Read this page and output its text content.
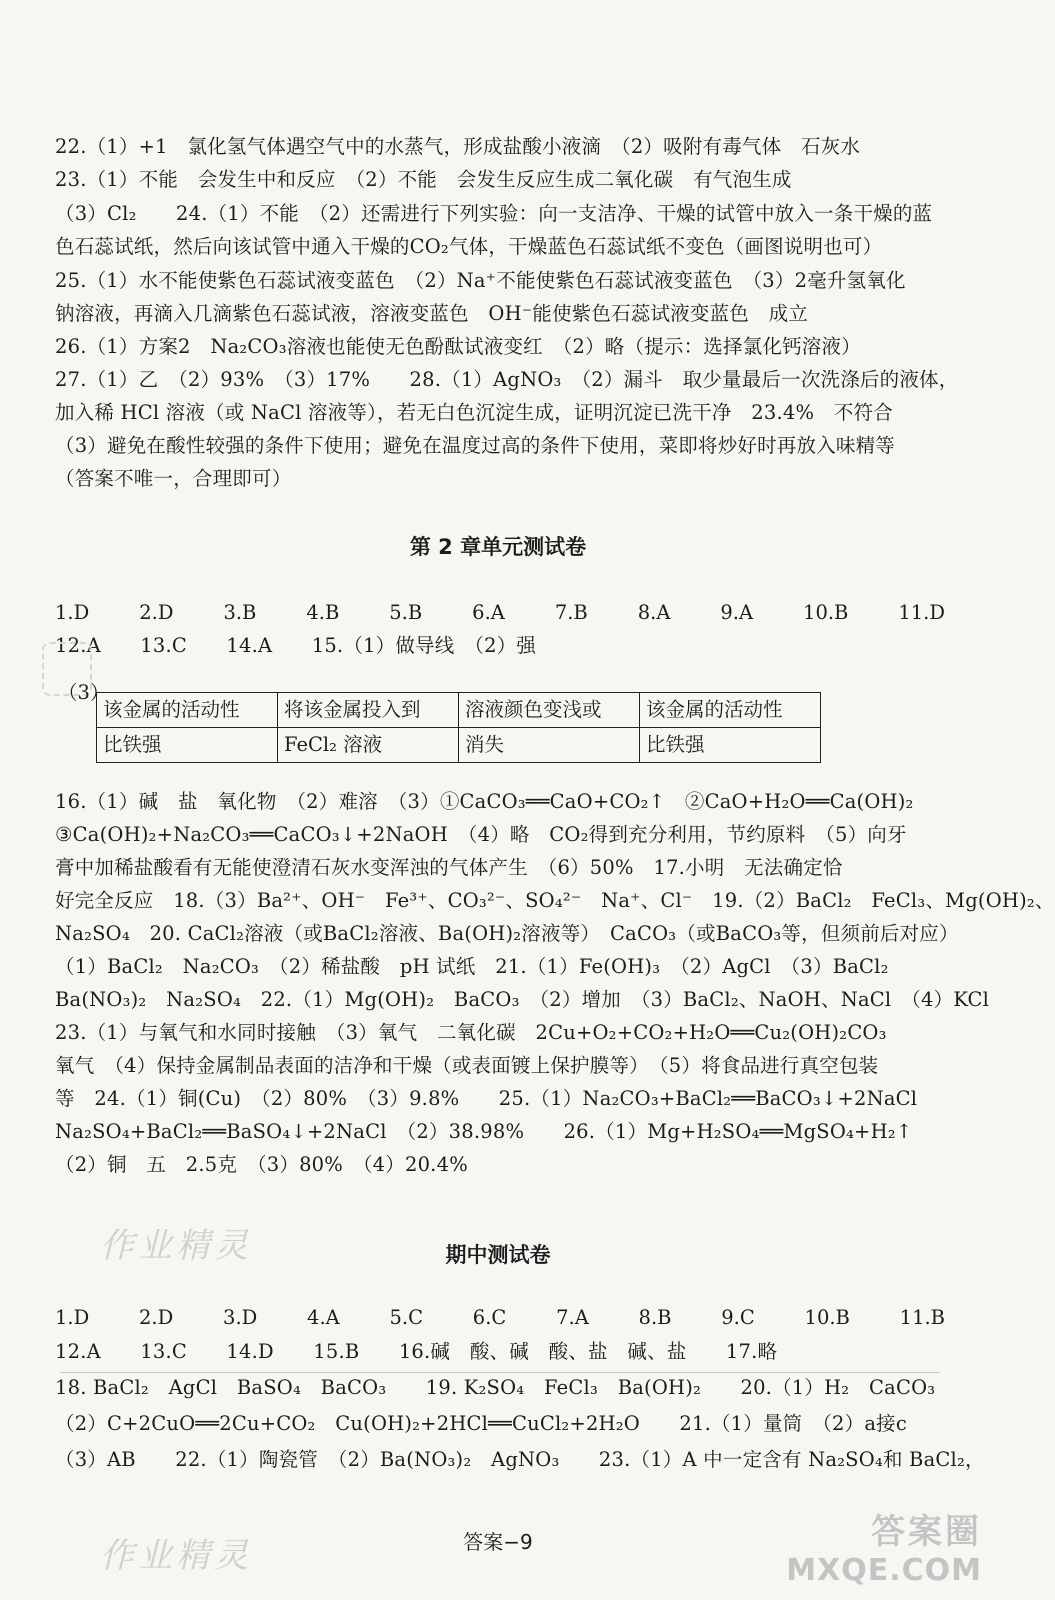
22.（1）+1　氯化氢气体遇空气中的水蒸气，形成盐酸小液滴　（2）吸附有毒气体　石灰水
23.（1）不能　会发生中和反应　（2）不能　会发生反应生成二氧化碳　有气泡生成
（3）Cl₂　　24.（1）不能　（2）还需进行下列实验：向一支洁净、干燥的试管中放入一条干燥的蓝
色石蕊试纸，然后向该试管中通入干燥的CO₂气体，干燥蓝色石蕊试纸不变色（画图说明也可）
25.（1）水不能使紫色石蕊试液变蓝色　（2）Na⁺不能使紫色石蕊试液变蓝色　（3）2毫升氢氧化
钠溶液，再滴入几滴紫色石蕊试液，溶液变蓝色　OH⁻能使紫色石蕊试液变蓝色　成立
26.（1）方案2　Na₂CO₃溶液也能使无色酚酞试液变红　（2）略（提示：选择氯化钙溶液）
27.（1）乙　（2）93%　（3）17%　　28.（1）AgNO₃　（2）漏斗　取少量最后一次洗涤后的液体，
加入稀 HCl 溶液（或 NaCl 溶液等），若无白色沉淀生成，证明沉淀已洗干净　23.4%　不符合
（3）避免在酸性较强的条件下使用；避免在温度过高的条件下使用，菜即将炒好时再放入味精等
（答案不唯一，合理即可）
第 2 章单元测试卷
1.D	2.D	3.B	4.B	5.B	6.A	7.B	8.A	9.A	10.B	11.D
12.A　　13.C　　14.A　　15.（1）做导线　（2）强
（3）
该金属的活动性	将该金属投入到	溶液颜色变浅或	该金属的活动性
比铁强	FeCl₂ 溶液	消失	比铁强
16.（1）碱　盐　氧化物　（2）难溶　（3）①CaCO₃══CaO+CO₂↑　②CaO+H₂O══Ca(OH)₂
③Ca(OH)₂+Na₂CO₃══CaCO₃↓+2NaOH　（4）略　CO₂得到充分利用，节约原料　（5）向牙
膏中加稀盐酸看有无能使澄清石灰水变浑浊的气体产生　（6）50%　17.小明　无法确定恰
好完全反应　18.（3）Ba²⁺、OH⁻　Fe³⁺、CO₃²⁻、SO₄²⁻　Na⁺、Cl⁻　19.（2）BaCl₂　FeCl₃、Mg(OH)₂、
Na₂SO₄　20. CaCl₂溶液（或BaCl₂溶液、Ba(OH)₂溶液等）　CaCO₃（或BaCO₃等，但须前后对应）
（1）BaCl₂　Na₂CO₃　（2）稀盐酸　pH 试纸　21.（1）Fe(OH)₃　（2）AgCl　（3）BaCl₂
Ba(NO₃)₂　Na₂SO₄　22.（1）Mg(OH)₂　BaCO₃　（2）增加　（3）BaCl₂、NaOH、NaCl　（4）KCl
23.（1）与氧气和水同时接触　（3）氧气　二氧化碳　2Cu+O₂+CO₂+H₂O══Cu₂(OH)₂CO₃
氧气　（4）保持金属制品表面的洁净和干燥（或表面镀上保护膜等）　（5）将食品进行真空包装
等　24.（1）铜(Cu)　（2）80%　（3）9.8%　　25.（1）Na₂CO₃+BaCl₂══BaCO₃↓+2NaCl
Na₂SO₄+BaCl₂══BaSO₄↓+2NaCl　（2）38.98%　　26.（1）Mg+H₂SO₄══MgSO₄+H₂↑
（2）铜　五　2.5克　（3）80%　（4）20.4%
作业精灵	期中测试卷
1.D	2.D	3.D	4.A	5.C	6.C	7.A	8.B	9.C	10.B	11.B
12.A　　13.C　　14.D　　15.B　　16.碱　酸、碱　酸、盐　碱、盐　　17.略
18. BaCl₂　AgCl　BaSO₄　BaCO₃　　19. K₂SO₄　FeCl₃　Ba(OH)₂　　20.（1）H₂　CaCO₃
（2）C+2CuO══2Cu+CO₂　Cu(OH)₂+2HCl══CuCl₂+2H₂O　　21.（1）量筒　（2）a接c
（3）AB　　22.（1）陶瓷管　（2）Ba(NO₃)₂　AgNO₃　　23.（1）A 中一定含有 Na₂SO₄和 BaCl₂，
答案−9
作业精灵
答案圈
MXQE.COM
